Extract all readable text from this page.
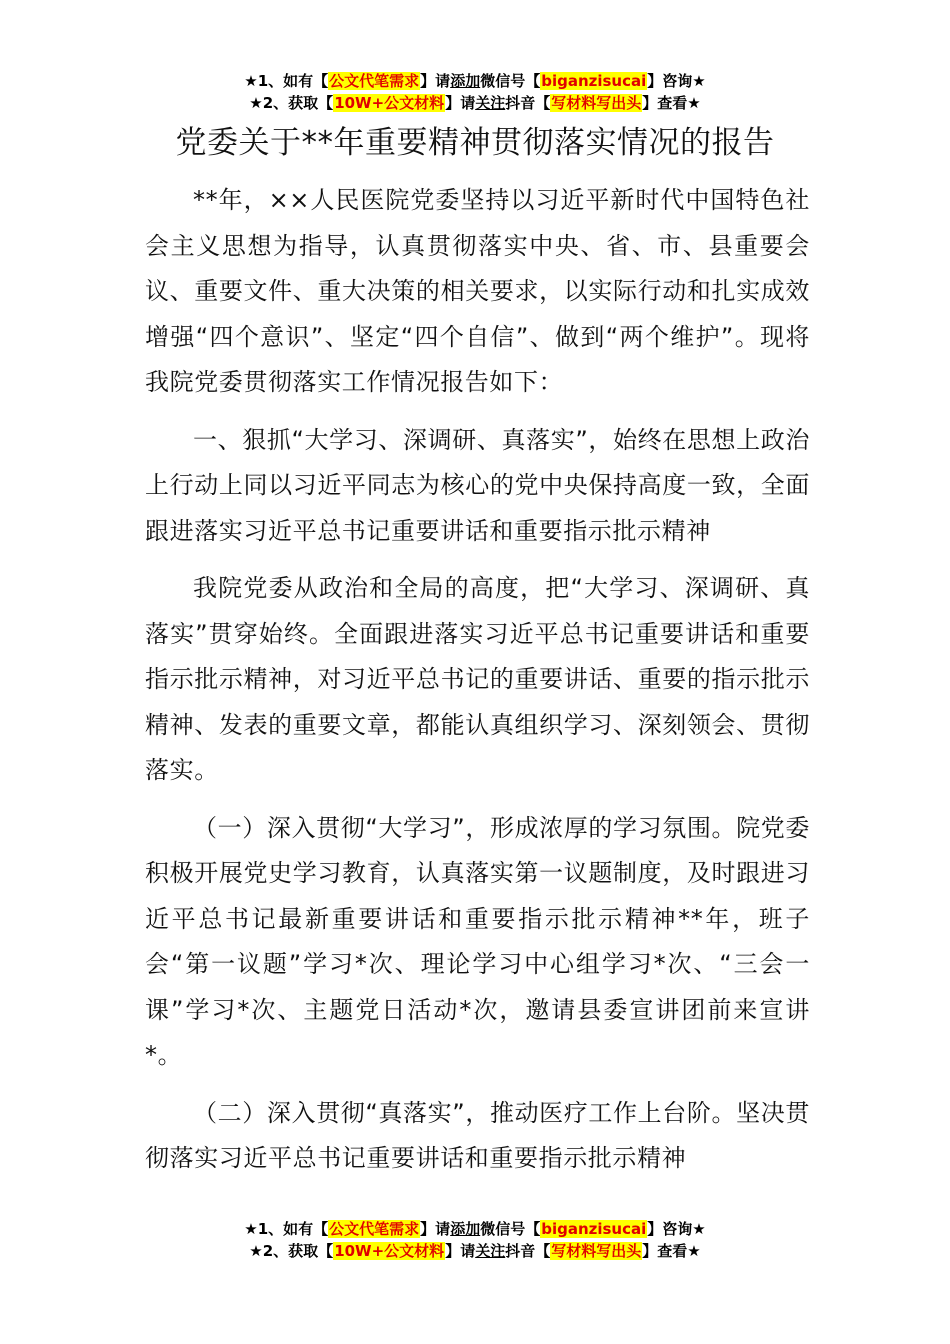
★1、如有【公文代笔需求】请添加微信号【biganzisucai】咨询★
★2、获取【10W+公文材料】请关注抖音【写材料写出头】查看★
党委关于**年重要精神贯彻落实情况的报告

**年，××人民医院党委坚持以习近平新时代中国特色社会主义思想为指导，认真贯彻落实中央、省、市、县重要会议、重要文件、重大决策的相关要求，以实际行动和扎实成效增强“四个意识”、坚定“四个自信”、做到“两个维护”。现将我院党委贯彻落实工作情况报告如下：

一、狠抓“大学习、深调研、真落实”，始终在思想上政治上行动上同以习近平同志为核心的党中央保持高度一致，全面跟进落实习近平总书记重要讲话和重要指示批示精神

我院党委从政治和全局的高度，把“大学习、深调研、真落实”贯穿始终。全面跟进落实习近平总书记重要讲话和重要指示批示精神，对习近平总书记的重要讲话、重要的指示批示精神、发表的重要文章，都能认真组织学习、深刻领会、贯彻落实。

（一）深入贯彻“大学习”，形成浓厚的学习氛围。院党委积极开展党史学习教育，认真落实第一议题制度，及时跟进习近平总书记最新重要讲话和重要指示批示精神**年，班子会“第一议题”学习*次、理论学习中心组学习*次、“三会一课”学习*次、主题党日活动*次，邀请县委宣讲团前来宣讲*。

（二）深入贯彻“真落实”，推动医疗工作上台阶。坚决贯彻落实习近平总书记重要讲话和重要指示批示精神

★1、如有【公文代笔需求】请添加微信号【biganzisucai】咨询★
★2、获取【10W+公文材料】请关注抖音【写材料写出头】查看★
